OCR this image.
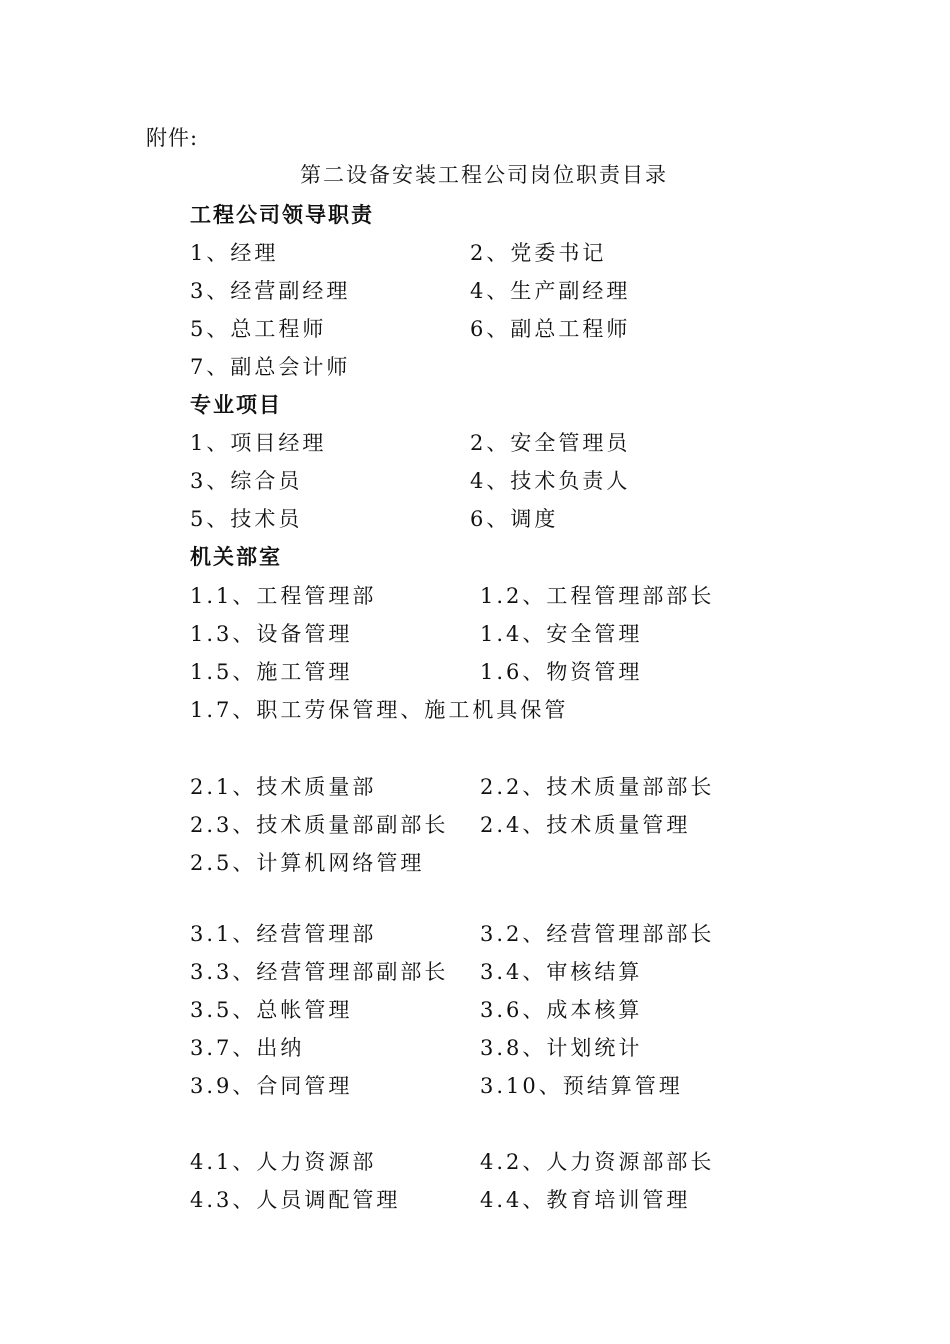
附件:
第二设备安装工程公司岗位职责目录
工程公司领导职责
1、经理	2、党委书记
3、经营副经理	4、生产副经理
5、总工程师	6、副总工程师
7、副总会计师
专业项目
1、项目经理	2、安全管理员
3、综合员	4、技术负责人
5、技术员	6、调度
机关部室
1.1、工程管理部	1.2、工程管理部部长
1.3、设备管理	1.4、安全管理
1.5、施工管理	1.6、物资管理
1.7、职工劳保管理、施工机具保管
2.1、技术质量部	2.2、技术质量部部长
2.3、技术质量部副部长 2.4、技术质量管理
2.5、计算机网络管理
3.1、经营管理部	3.2、经营管理部部长
3.3、经营管理部副部长 3.4、审核结算
3.5、总帐管理	3.6、成本核算
3.7、出纳	3.8、计划统计
3.9、合同管理	3.10、预结算管理
4.1、人力资源部	4.2、人力资源部部长
4.3、人员调配管理	4.4、教育培训管理
